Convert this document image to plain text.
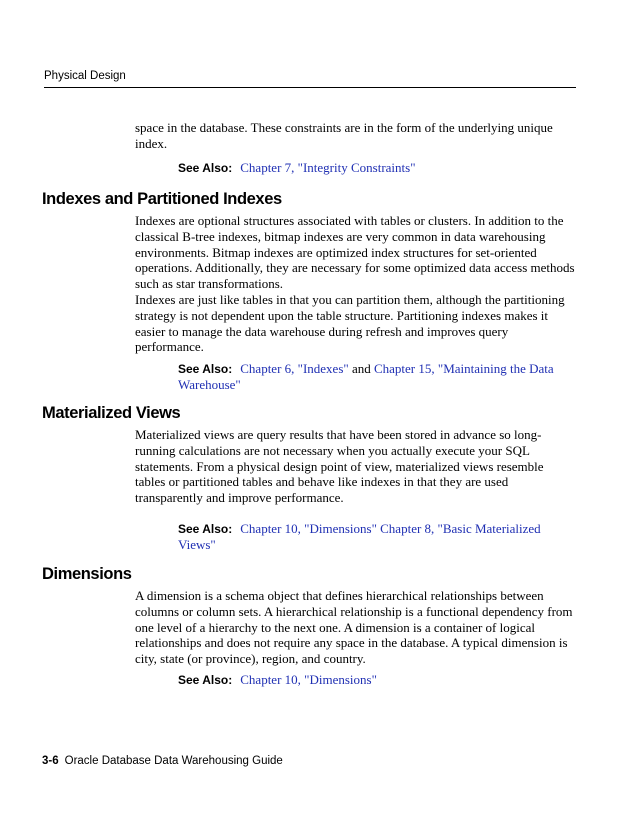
Physical Design

space in the database. These constraints are in the form of the underlying unique index.

See Also: Chapter 7, "Integrity Constraints"

Indexes and Partitioned Indexes

Indexes are optional structures associated with tables or clusters. In addition to the classical B-tree indexes, bitmap indexes are very common in data warehousing environments. Bitmap indexes are optimized index structures for set-oriented operations. Additionally, they are necessary for some optimized data access methods such as star transformations.

Indexes are just like tables in that you can partition them, although the partitioning strategy is not dependent upon the table structure. Partitioning indexes makes it easier to manage the data warehouse during refresh and improves query performance.

See Also: Chapter 6, "Indexes" and Chapter 15, "Maintaining the Data Warehouse"

Materialized Views

Materialized views are query results that have been stored in advance so long-running calculations are not necessary when you actually execute your SQL statements. From a physical design point of view, materialized views resemble tables or partitioned tables and behave like indexes in that they are used transparently and improve performance.

See Also: Chapter 10, "Dimensions" Chapter 8, "Basic Materialized Views"

Dimensions

A dimension is a schema object that defines hierarchical relationships between columns or column sets. A hierarchical relationship is a functional dependency from one level of a hierarchy to the next one. A dimension is a container of logical relationships and does not require any space in the database. A typical dimension is city, state (or province), region, and country.

See Also: Chapter 10, "Dimensions"

3-6 Oracle Database Data Warehousing Guide
